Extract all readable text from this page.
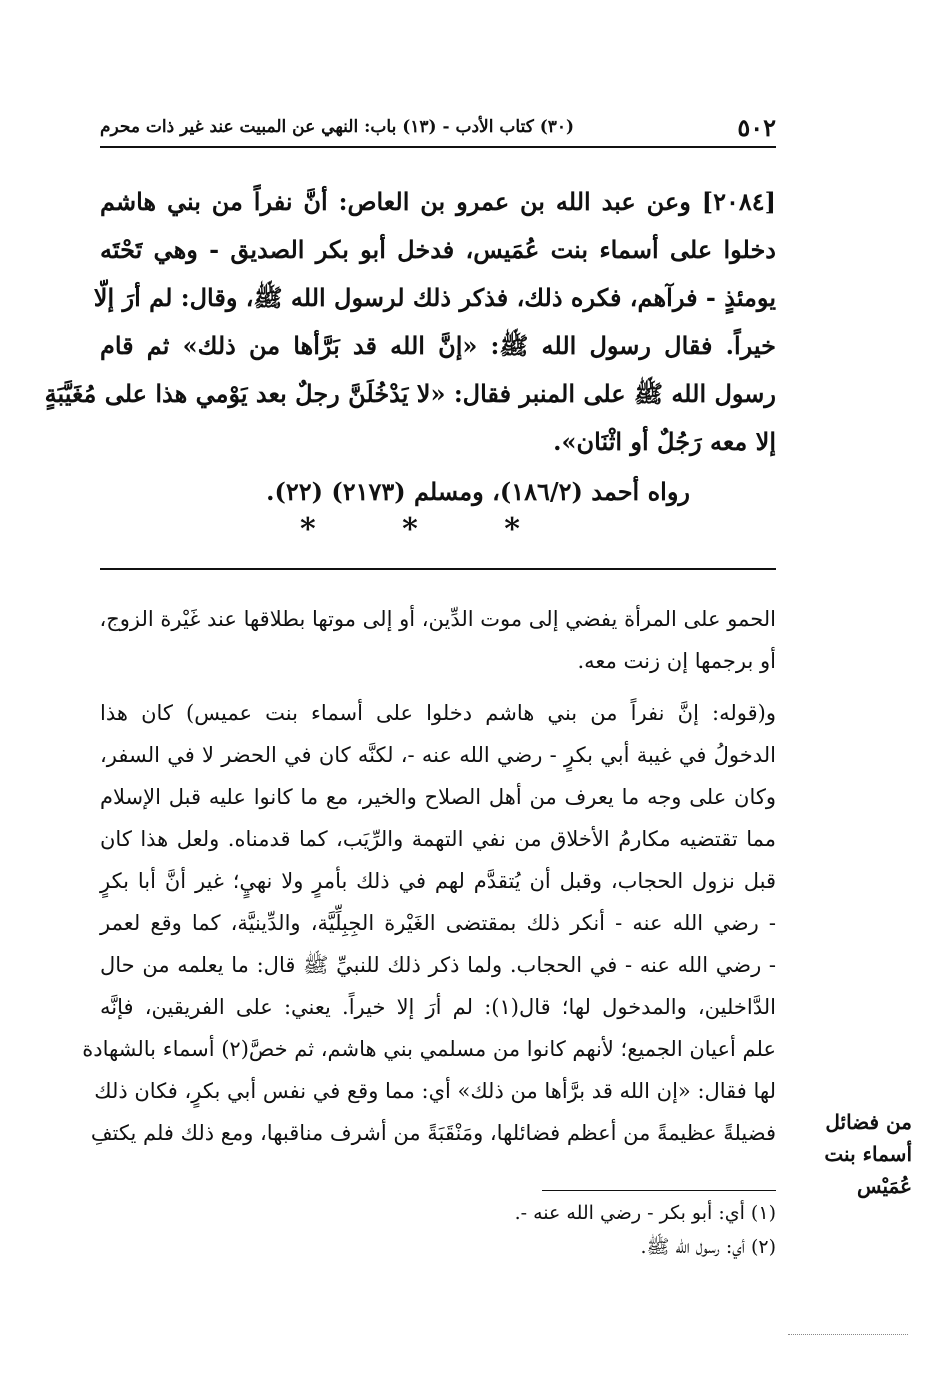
٥٠٢
(٣٠) كتاب الأدب - (١٣) باب: النهي عن المبيت عند غير ذات محرم
[٢٠٨٤] وعن عبد الله بن عمرو بن العاص: أنَّ نفراً من بني هاشم
دخلوا على أسماء بنت عُمَيس، فدخل أبو بكر الصديق - وهي تَحْتَه
يومئذٍ - فرآهم، فكره ذلك، فذكر ذلك لرسول الله ﷺ، وقال: لم أرَ إلّا
خيراً. فقال رسول الله ﷺ: «إنَّ الله قد بَرَّأها من ذلك» ثم قام
رسول الله ﷺ على المنبر فقال: «لا يَدْخُلَنَّ رجلٌ بعد يَوْمي هذا على مُغَيَّبَةٍ
إلا معه رَجُلٌ أو اثْنَان».
رواه أحمد (١٨٦/٢)، ومسلم (٢١٧٣) (٢٢).
*	*	*
الحمو على المرأة يفضي إلى موت الدِّين، أو إلى موتها بطلاقها عند غَيْرة الزوج،
أو برجمها إن زنت معه.
و(قوله: إنَّ نفراً من بني هاشم دخلوا على أسماء بنت عميس) كان هذا
الدخولُ في غيبة أبي بكرٍ - رضي الله عنه -، لكنَّه كان في الحضر لا في السفر،
وكان على وجه ما يعرف من أهل الصلاح والخير، مع ما كانوا عليه قبل الإسلام
مما تقتضيه مكارمُ الأخلاق من نفي التهمة والرِّيَب، كما قدمناه. ولعل هذا كان
قبل نزول الحجاب، وقبل أن يُتقدَّم لهم في ذلك بأمرٍ ولا نهيٍ؛ غير أنَّ أبا بكرٍ
- رضي الله عنه - أنكر ذلك بمقتضى الغَيْرة الجِبِلِّيَّة، والدِّينيَّة، كما وقع لعمر
- رضي الله عنه - في الحجاب. ولما ذكر ذلك للنبيِّ ﷺ قال: ما يعلمه من حال
الدَّاخلين، والمدخول لها؛ قال(١): لم أرَ إلا خيراً. يعني: على الفريقين، فإنَّه
علم أعيان الجميع؛ لأنهم كانوا من مسلمي بني هاشم، ثم خصَّ(٢) أسماء بالشهادة
لها فقال: «إن الله قد برَّأها من ذلك» أي: مما وقع في نفس أبي بكرٍ، فكان ذلك
فضيلةً عظيمةً من أعظم فضائلها، ومَنْقَبَةً من أشرف مناقبها، ومع ذلك فلم يكتفِ	من فضائل
أسماء بنت
عُمَيْس
(١) أي: أبو بكر - رضي الله عنه -.
(٢) أي: رسول الله ﷺ.
